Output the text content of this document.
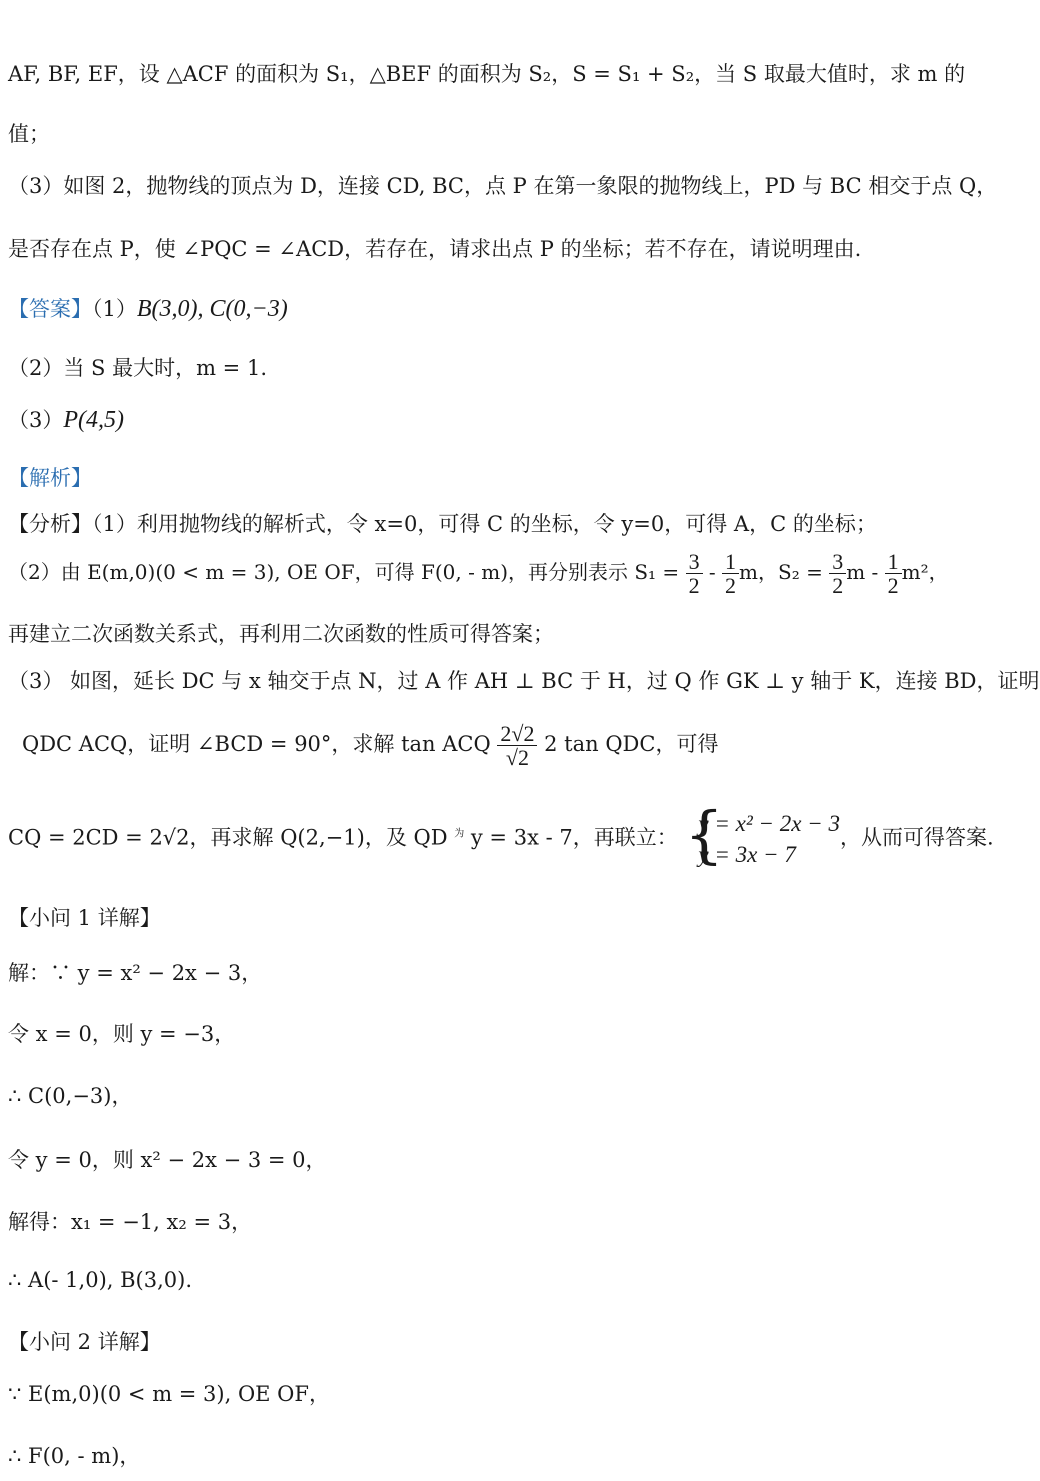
AF, BF, EF，设 △ACF 的面积为 S₁，△BEF 的面积为 S₂，S = S₁ + S₂，当 S 取最大值时，求 m 的
值；
（3）如图 2，抛物线的顶点为 D，连接 CD, BC，点 P 在第一象限的抛物线上，PD 与 BC 相交于点 Q，
是否存在点 P，使 ∠PQC = ∠ACD，若存在，请求出点 P 的坐标；若不存在，请说明理由.
【答案】（1）B(3,0), C(0,−3)
（2）当 S 最大时，m = 1.
（3）P(4,5)
【解析】
【分析】（1）利用抛物线的解析式，令 x=0，可得 C 的坐标，令 y=0，可得 A，C 的坐标；
（2）由 E(m,0)(0 < m = 3), OE OF，可得 F(0, - m)，再分别表示 $S_1 = \frac{3}{2} - \frac{1}{2}$ m，$S_2 = \frac{3}{2}$ m - $\frac{1}{2} m^2$，
再建立二次函数关系式，再利用二次函数的性质可得答案；
（3） 如图，延长 DC 与 x 轴交于点 N，过 A 作 AH ⊥ BC 于 H，过 Q 作 GK ⊥ y 轴于 K，连接 BD，证明
QDC ACQ，证明 ∠BCD = 90°，求解 tan ACQ $\frac{2√2}{√2} 2$ tan QDC，可得
CQ = 2CD = 2√2，再求解 Q(2,−1)，及 QD $^为$ y = 3x - 7，再联立： {
y = x² − 2x − 3
y = 3x − 7
，从而可得答案.
【小问 1 详解】
解：∵ y = x² − 2x − 3，
令 x = 0，则 y = −3，
∴ C(0,−3)，
令 y = 0，则 x² − 2x − 3 = 0，
解得：x₁ = −1, x₂ = 3，
∴ A(- 1,0), B(3,0).
【小问 2 详解】
∵ E(m,0)(0 < m = 3), OE OF，
∴ F(0, - m)，
